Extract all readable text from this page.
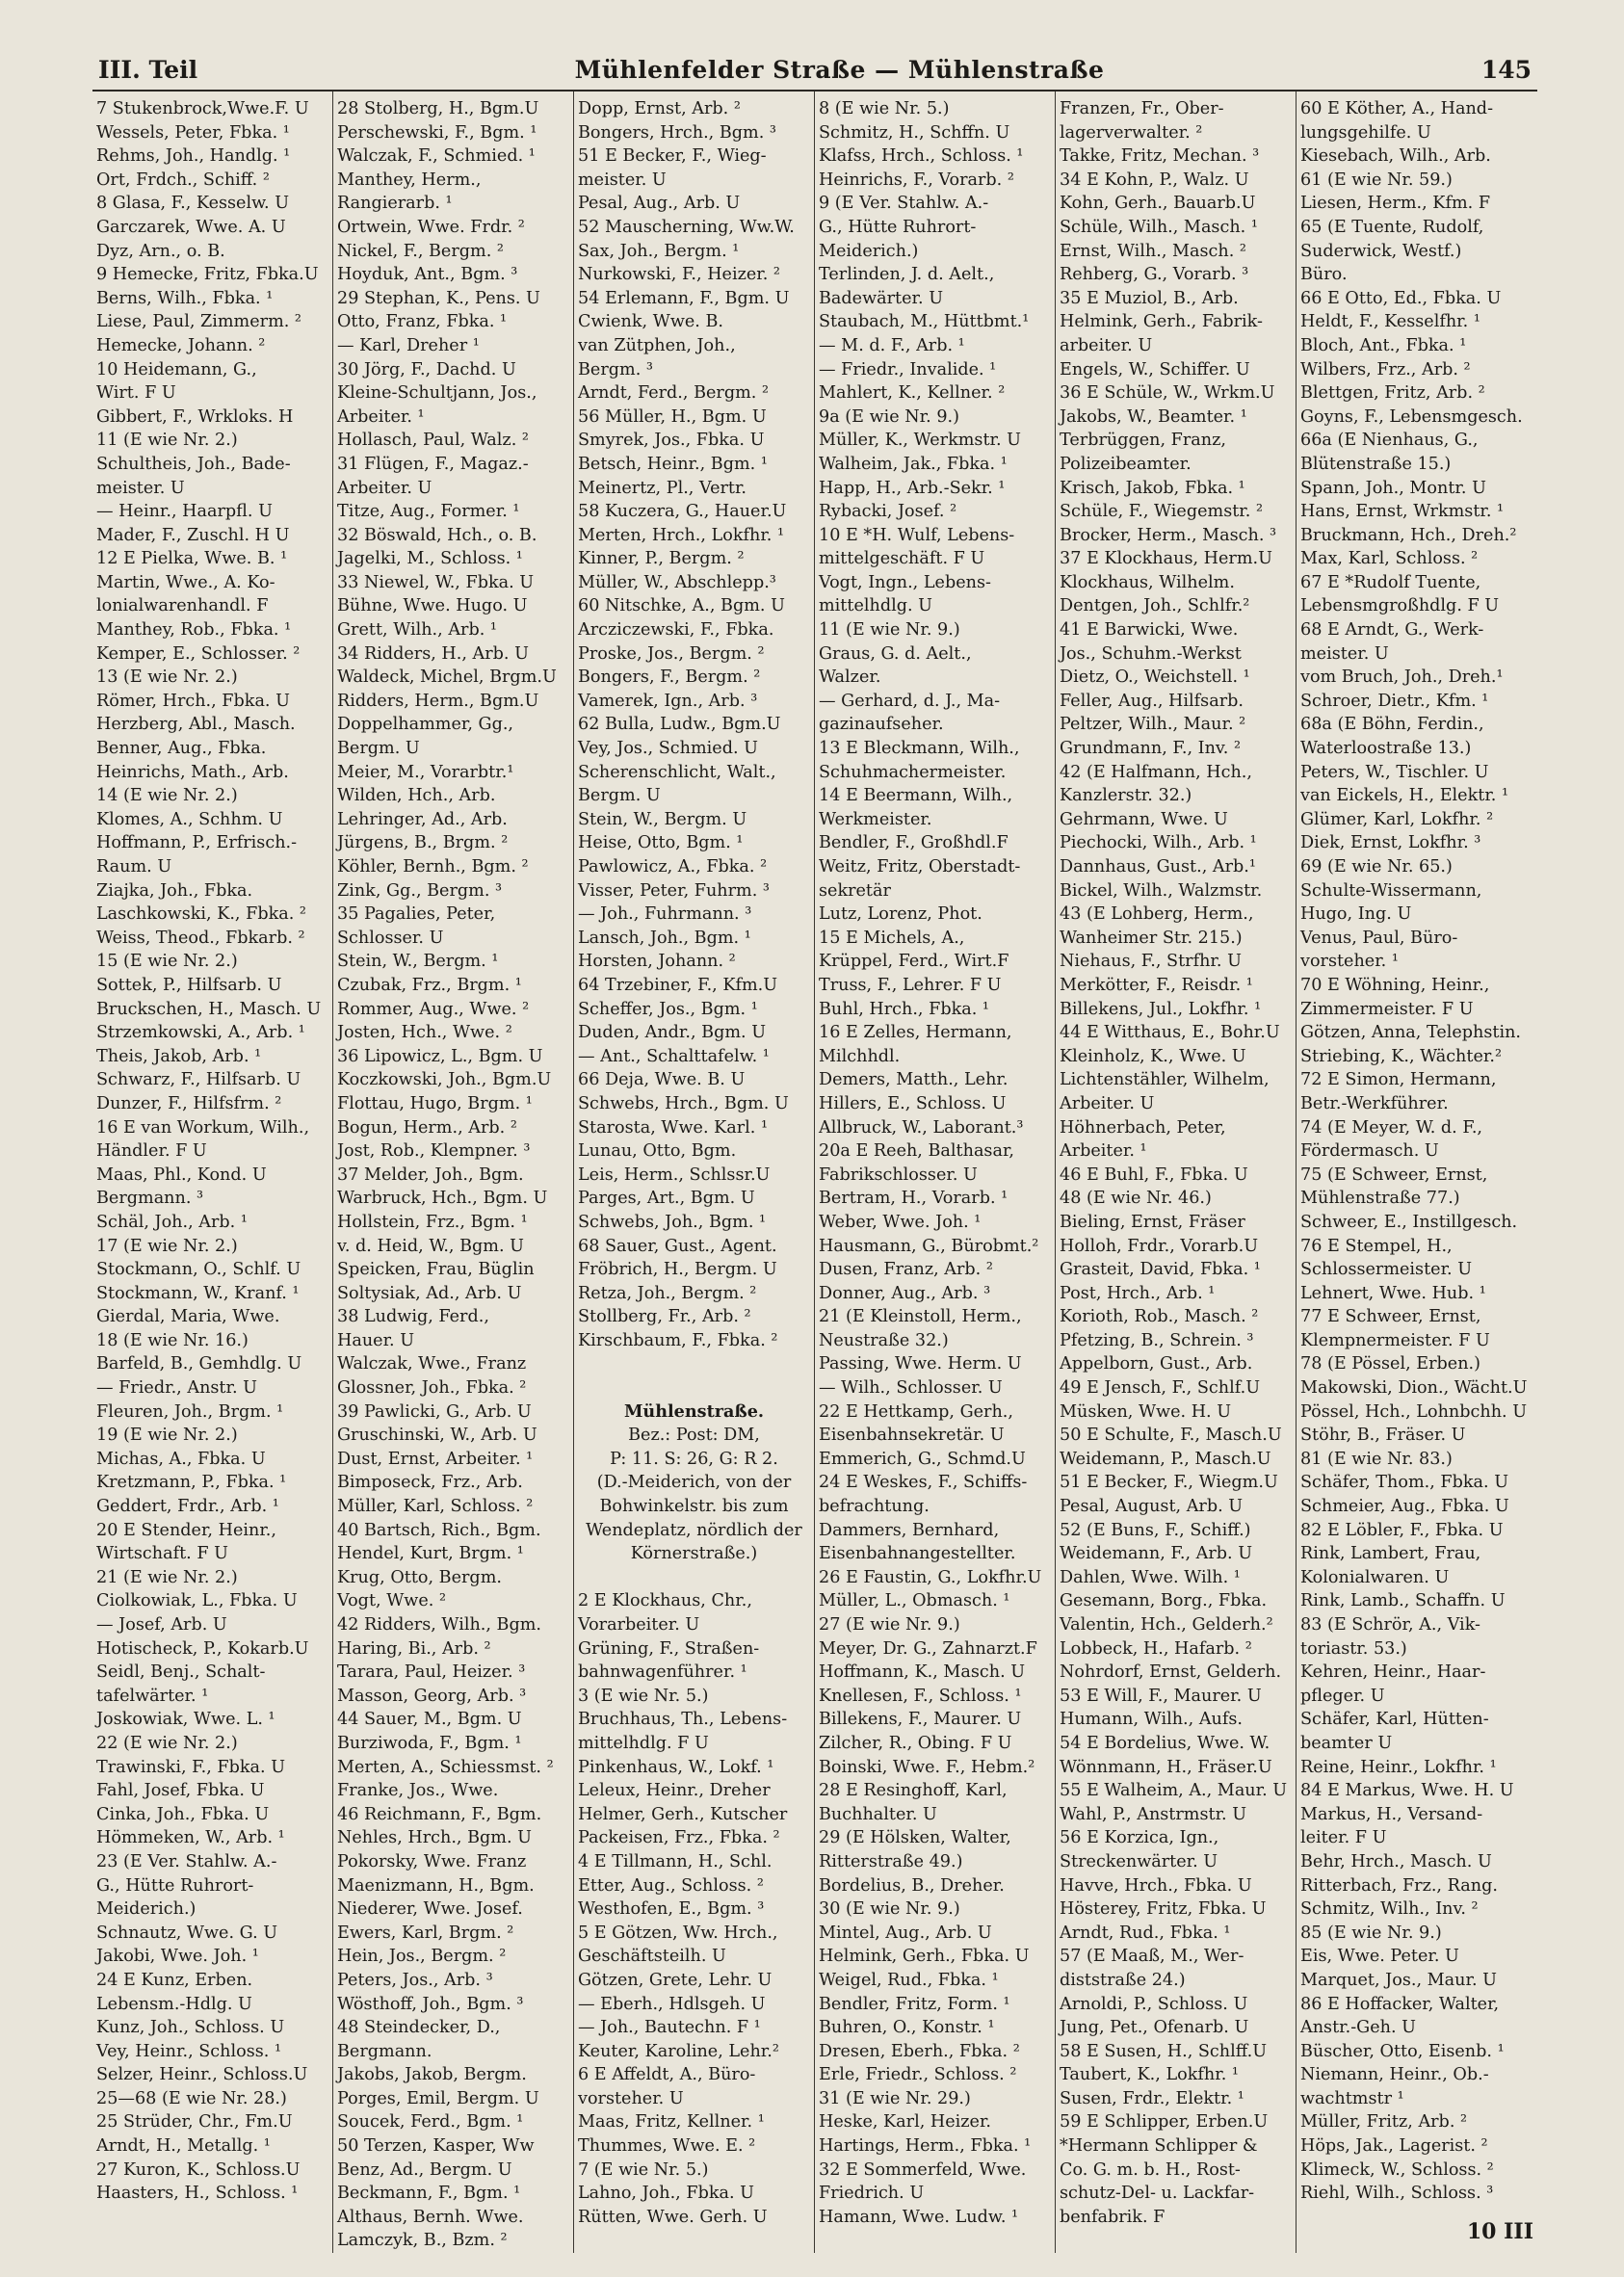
III. Teil	Mühlenfelder Straße — Mühlenstraße	145
7 Stukenbrock,Wwe.F. U
Wessels, Peter, Fbka. ¹
Rehms, Joh., Handlg. ¹
Ort, Frdch., Schiff. ²
8 Glasa, F., Kesselw. U
Garczarek, Wwe. A. U
Dyz, Arn., o. B.
9 Hemecke, Fritz, Fbka.U
Berns, Wilh., Fbka. ¹
Liese, Paul, Zimmerm. ²
Hemecke, Johann. ²
10 Heidemann, G.,
Wirt. F U
Gibbert, F., Wrkloks. H
11 (E wie Nr. 2.)
Schultheis, Joh., Bade-
meister. U
— Heinr., Haarpfl. U
Mader, F., Zuschl. H U
12 E Pielka, Wwe. B. ¹
Martin, Wwe., A. Ko-
lonialwarenhandl. F
Manthey, Rob., Fbka. ¹
Kemper, E., Schlosser. ²
13 (E wie Nr. 2.)
Römer, Hrch., Fbka. U
Herzberg, Abl., Masch.
Benner, Aug., Fbka.
Heinrichs, Math., Arb.
14 (E wie Nr. 2.)
Klomes, A., Schhm. U
Hoffmann, P., Erfrisch.-
Raum. U
Ziajka, Joh., Fbka.
Laschkowski, K., Fbka. ²
Weiss, Theod., Fbkarb. ²
15 (E wie Nr. 2.)
Sottek, P., Hilfsarb. U
Bruckschen, H., Masch. U
Strzemkowski, A., Arb. ¹
Theis, Jakob, Arb. ¹
Schwarz, F., Hilfsarb. U
Dunzer, F., Hilfsfrm. ²
16 E van Workum, Wilh.,
Händler. F U
Maas, Phl., Kond. U
Bergmann. ³
Schäl, Joh., Arb. ¹
17 (E wie Nr. 2.)
Stockmann, O., Schlf. U
Stockmann, W., Kranf. ¹
Gierdal, Maria, Wwe.
18 (E wie Nr. 16.)
Barfeld, B., Gemhdlg. U
— Friedr., Anstr. U
Fleuren, Joh., Brgm. ¹
19 (E wie Nr. 2.)
Michas, A., Fbka. U
Kretzmann, P., Fbka. ¹
Geddert, Frdr., Arb. ¹
20 E Stender, Heinr.,
Wirtschaft. F U
21 (E wie Nr. 2.)
Ciolkowiak, L., Fbka. U
— Josef, Arb. U
Hotischeck, P., Kokarb.U
Seidl, Benj., Schalt-
tafelwärter. ¹
Joskowiak, Wwe. L. ¹
22 (E wie Nr. 2.)
Trawinski, F., Fbka. U
Fahl, Josef, Fbka. U
Cinka, Joh., Fbka. U
Hömmeken, W., Arb. ¹
23 (E Ver. Stahlw. A.-
G., Hütte Ruhrort-
Meiderich.)
Schnautz, Wwe. G. U
Jakobi, Wwe. Joh. ¹
24 E Kunz, Erben.
Lebensm.-Hdlg. U
Kunz, Joh., Schloss. U
Vey, Heinr., Schloss. ¹
Selzer, Heinr., Schloss.U
25—68 (E wie Nr. 28.)
25 Strüder, Chr., Fm.U
Arndt, H., Metallg. ¹
27 Kuron, K., Schloss.U
Haasters, H., Schloss. ¹
28 Stolberg, H., Bgm.U
Perschewski, F., Bgm. ¹
Walczak, F., Schmied. ¹
Manthey, Herm.,
Rangierarb. ¹
Ortwein, Wwe. Frdr. ²
Nickel, F., Bergm. ²
Hoyduk, Ant., Bgm. ³
29 Stephan, K., Pens. U
Otto, Franz, Fbka. ¹
— Karl, Dreher ¹
30 Jörg, F., Dachd. U
Kleine-Schultjann, Jos.,
Arbeiter. ¹
Hollasch, Paul, Walz. ²
31 Flügen, F., Magaz.-
Arbeiter. U
Titze, Aug., Former. ¹
32 Böswald, Hch., o. B.
Jagelki, M., Schloss. ¹
33 Niewel, W., Fbka. U
Bühne, Wwe. Hugo. U
Grett, Wilh., Arb. ¹
34 Ridders, H., Arb. U
Waldeck, Michel, Brgm.U
Ridders, Herm., Bgm.U
Doppelhammer, Gg.,
Bergm. U
Meier, M., Vorarbtr.¹
Wilden, Hch., Arb.
Lehringer, Ad., Arb.
Jürgens, B., Brgm. ²
Köhler, Bernh., Bgm. ²
Zink, Gg., Bergm. ³
35 Pagalies, Peter,
Schlosser. U
Stein, W., Bergm. ¹
Czubak, Frz., Brgm. ¹
Rommer, Aug., Wwe. ²
Josten, Hch., Wwe. ²
36 Lipowicz, L., Bgm. U
Koczkowski, Joh., Bgm.U
Flottau, Hugo, Brgm. ¹
Bogun, Herm., Arb. ²
Jost, Rob., Klempner. ³
37 Melder, Joh., Bgm.
Warbruck, Hch., Bgm. U
Hollstein, Frz., Bgm. ¹
v. d. Heid, W., Bgm. U
Speicken, Frau, Büglin
Soltysiak, Ad., Arb. U
38 Ludwig, Ferd.,
Hauer. U
Walczak, Wwe., Franz
Glossner, Joh., Fbka. ²
39 Pawlicki, G., Arb. U
Gruschinski, W., Arb. U
Dust, Ernst, Arbeiter. ¹
Bimposeck, Frz., Arb.
Müller, Karl, Schloss. ²
40 Bartsch, Rich., Bgm.
Hendel, Kurt, Brgm. ¹
Krug, Otto, Bergm.
Vogt, Wwe. ²
42 Ridders, Wilh., Bgm.
Haring, Bi., Arb. ²
Tarara, Paul, Heizer. ³
Masson, Georg, Arb. ³
44 Sauer, M., Bgm. U
Burziwoda, F., Bgm. ¹
Merten, A., Schiessmst. ²
Franke, Jos., Wwe.
46 Reichmann, F., Bgm.
Nehles, Hrch., Bgm. U
Pokorsky, Wwe. Franz
Maenizmann, H., Bgm.
Niederer, Wwe. Josef.
Ewers, Karl, Brgm. ²
Hein, Jos., Bergm. ²
Peters, Jos., Arb. ³
Wösthoff, Joh., Bgm. ³
48 Steindecker, D.,
Bergmann.
Jakobs, Jakob, Bergm.
Porges, Emil, Bergm. U
Soucek, Ferd., Bgm. ¹
50 Terzen, Kasper, Ww
Benz, Ad., Bergm. U
Beckmann, F., Bgm. ¹
Althaus, Bernh. Wwe.
Lamczyk, B., Bzm. ²
Dopp, Ernst, Arb. ²
Bongers, Hrch., Bgm. ³
51 E Becker, F., Wieg-
meister. U
Pesal, Aug., Arb. U
52 Mauscherning, Ww.W.
Sax, Joh., Bergm. ¹
Nurkowski, F., Heizer. ²
54 Erlemann, F., Bgm. U
Cwienk, Wwe. B.
van Zütphen, Joh.,
Bergm. ³
Arndt, Ferd., Bergm. ²
56 Müller, H., Bgm. U
Smyrek, Jos., Fbka. U
Betsch, Heinr., Bgm. ¹
Meinertz, Pl., Vertr.
58 Kuczera, G., Hauer.U
Merten, Hrch., Lokfhr. ¹
Kinner, P., Bergm. ²
Müller, W., Abschlepp.³
60 Nitschke, A., Bgm. U
Arcziczewski, F., Fbka.
Proske, Jos., Bergm. ²
Bongers, F., Bergm. ²
Vamerek, Ign., Arb. ³
62 Bulla, Ludw., Bgm.U
Vey, Jos., Schmied. U
Scherenschlicht, Walt.,
Bergm. U
Stein, W., Bergm. U
Heise, Otto, Bgm. ¹
Pawlowicz, A., Fbka. ²
Visser, Peter, Fuhrm. ³
— Joh., Fuhrmann. ³
Lansch, Joh., Bgm. ¹
Horsten, Johann. ²
64 Trzebiner, F., Kfm.U
Scheffer, Jos., Bgm. ¹
Duden, Andr., Bgm. U
— Ant., Schalttafelw. ¹
66 Deja, Wwe. B. U
Schwebs, Hrch., Bgm. U
Starosta, Wwe. Karl. ¹
Lunau, Otto, Bgm.
Leis, Herm., Schlssr.U
Parges, Art., Bgm. U
Schwebs, Joh., Bgm. ¹
68 Sauer, Gust., Agent.
Fröbrich, H., Bergm. U
Retza, Joh., Bergm. ²
Stollberg, Fr., Arb. ²
Kirschbaum, F., Fbka. ²

Mühlenstraße.
Bez.: Post: DM,
P: 11. S: 26, G: R 2.
(D.-Meiderich, von der
Bohwinkelstr. bis zum
Wendeplatz, nördlich der
Körnerstraße.)

2 E Klockhaus, Chr.,
Vorarbeiter. U
Grüning, F., Straßen-
bahnwagenführer. ¹
3 (E wie Nr. 5.)
Bruchhaus, Th., Lebens-
mittelhdlg. F U
Pinkenhaus, W., Lokf. ¹
Leleux, Heinr., Dreher
Helmer, Gerh., Kutscher
Packeisen, Frz., Fbka. ²
4 E Tillmann, H., Schl.
Etter, Aug., Schloss. ²
Westhofen, E., Bgm. ³
5 E Götzen, Ww. Hrch.,
Geschäftsteilh. U
Götzen, Grete, Lehr. U
— Eberh., Hdlsgeh. U
— Joh., Bautechn. F ¹
Keuter, Karoline, Lehr.²
6 E Affeldt, A., Büro-
vorsteher. U
Maas, Fritz, Kellner. ¹
Thummes, Wwe. E. ²
7 (E wie Nr. 5.)
Lahno, Joh., Fbka. U
Rütten, Wwe. Gerh. U
8 (E wie Nr. 5.)
Schmitz, H., Schffn. U
Klafss, Hrch., Schloss. ¹
Heinrichs, F., Vorarb. ²
9 (E Ver. Stahlw. A.-
G., Hütte Ruhrort-
Meiderich.)
Terlinden, J. d. Aelt.,
Badewärter. U
Staubach, M., Hüttbmt.¹
— M. d. F., Arb. ¹
— Friedr., Invalide. ¹
Mahlert, K., Kellner. ²
9a (E wie Nr. 9.)
Müller, K., Werkmstr. U
Walheim, Jak., Fbka. ¹
Happ, H., Arb.-Sekr. ¹
Rybacki, Josef. ²
10 E *H. Wulf, Lebens-
mittelgeschäft. F U
Vogt, Ingn., Lebens-
mittelhdlg. U
11 (E wie Nr. 9.)
Graus, G. d. Aelt.,
Walzer.
— Gerhard, d. J., Ma-
gazinaufseher.
13 E Bleckmann, Wilh.,
Schuhmachermeister.
14 E Beermann, Wilh.,
Werkmeister.
Bendler, F., Großhdl.F
Weitz, Fritz, Oberstadt-
sekretär
Lutz, Lorenz, Phot.
15 E Michels, A.,
Krüppel, Ferd., Wirt.F
Truss, F., Lehrer. F U
Buhl, Hrch., Fbka. ¹
16 E Zelles, Hermann,
Milchhdl.
Demers, Matth., Lehr.
Hillers, E., Schloss. U
Allbruck, W., Laborant.³
20a E Reeh, Balthasar,
Fabrikschlosser. U
Bertram, H., Vorarb. ¹
Weber, Wwe. Joh. ¹
Hausmann, G., Bürobmt.²
Dusen, Franz, Arb. ²
Donner, Aug., Arb. ³
21 (E Kleinstoll, Herm.,
Neustraße 32.)
Passing, Wwe. Herm. U
— Wilh., Schlosser. U
22 E Hettkamp, Gerh.,
Eisenbahnsekretär. U
Emmerich, G., Schmd.U
24 E Weskes, F., Schiffs-
befrachtung.
Dammers, Bernhard,
Eisenbahnangestellter.
26 E Faustin, G., Lokfhr.U
Müller, L., Obmasch. ¹
27 (E wie Nr. 9.)
Meyer, Dr. G., Zahnarzt.F
Hoffmann, K., Masch. U
Knellesen, F., Schloss. ¹
Billekens, F., Maurer. U
Zilcher, R., Obing. F U
Boinski, Wwe. F., Hebm.²
28 E Resinghoff, Karl,
Buchhalter. U
29 (E Hölsken, Walter,
Ritterstraße 49.)
Bordelius, B., Dreher.
30 (E wie Nr. 9.)
Mintel, Aug., Arb. U
Helmink, Gerh., Fbka. U
Weigel, Rud., Fbka. ¹
Bendler, Fritz, Form. ¹
Buhren, O., Konstr. ¹
Dresen, Eberh., Fbka. ²
Erle, Friedr., Schloss. ²
31 (E wie Nr. 29.)
Heske, Karl, Heizer.
Hartings, Herm., Fbka. ¹
32 E Sommerfeld, Wwe.
Friedrich. U
Hamann, Wwe. Ludw. ¹
Franzen, Fr., Ober-
lagerverwalter. ²
Takke, Fritz, Mechan. ³
34 E Kohn, P., Walz. U
Kohn, Gerh., Bauarb.U
Schüle, Wilh., Masch. ¹
Ernst, Wilh., Masch. ²
Rehberg, G., Vorarb. ³
35 E Muziol, B., Arb.
Helmink, Gerh., Fabrik-
arbeiter. U
Engels, W., Schiffer. U
36 E Schüle, W., Wrkm.U
Jakobs, W., Beamter. ¹
Terbrüggen, Franz,
Polizeibeamter.
Krisch, Jakob, Fbka. ¹
Schüle, F., Wiegemstr. ²
Brocker, Herm., Masch. ³
37 E Klockhaus, Herm.U
Klockhaus, Wilhelm.
Dentgen, Joh., Schlfr.²
41 E Barwicki, Wwe.
Jos., Schuhm.-Werkst
Dietz, O., Weichstell. ¹
Feller, Aug., Hilfsarb.
Peltzer, Wilh., Maur. ²
Grundmann, F., Inv. ²
42 (E Halfmann, Hch.,
Kanzlerstr. 32.)
Gehrmann, Wwe. U
Piechocki, Wilh., Arb. ¹
Dannhaus, Gust., Arb.¹
Bickel, Wilh., Walzmstr.
43 (E Lohberg, Herm.,
Wanheimer Str. 215.)
Niehaus, F., Strfhr. U
Merkötter, F., Reisdr. ¹
Billekens, Jul., Lokfhr. ¹
44 E Witthaus, E., Bohr.U
Kleinholz, K., Wwe. U
Lichtenstähler, Wilhelm,
Arbeiter. U
Höhnerbach, Peter,
Arbeiter. ¹
46 E Buhl, F., Fbka. U
48 (E wie Nr. 46.)
Bieling, Ernst, Fräser
Holloh, Frdr., Vorarb.U
Grasteit, David, Fbka. ¹
Post, Hrch., Arb. ¹
Korioth, Rob., Masch. ²
Pfetzing, B., Schrein. ³
Appelborn, Gust., Arb.
49 E Jensch, F., Schlf.U
Müsken, Wwe. H. U
50 E Schulte, F., Masch.U
Weidemann, P., Masch.U
51 E Becker, F., Wiegm.U
Pesal, August, Arb. U
52 (E Buns, F., Schiff.)
Weidemann, F., Arb. U
Dahlen, Wwe. Wilh. ¹
Gesemann, Borg., Fbka.
Valentin, Hch., Gelderh.²
Lobbeck, H., Hafarb. ²
Nohrdorf, Ernst, Gelderh.
53 E Will, F., Maurer. U
Humann, Wilh., Aufs.
54 E Bordelius, Wwe. W.
Wönnmann, H., Fräser.U
55 E Walheim, A., Maur. U
Wahl, P., Anstrmstr. U
56 E Korzica, Ign.,
Streckenwärter. U
Havve, Hrch., Fbka. U
Hösterey, Fritz, Fbka. U
Arndt, Rud., Fbka. ¹
57 (E Maaß, M., Wer-
diststraße 24.)
Arnoldi, P., Schloss. U
Jung, Pet., Ofenarb. U
58 E Susen, H., Schlff.U
Taubert, K., Lokfhr. ¹
Susen, Frdr., Elektr. ¹
59 E Schlipper, Erben.U
*Hermann Schlipper &
Co. G. m. b. H., Rost-
schutz-Del- u. Lackfar-
benfabrik. F
60 E Köther, A., Hand-
lungsgehilfe. U
Kiesebach, Wilh., Arb.
61 (E wie Nr. 59.)
Liesen, Herm., Kfm. F
65 (E Tuente, Rudolf,
Suderwick, Westf.)
Büro.
66 E Otto, Ed., Fbka. U
Heldt, F., Kesselfhr. ¹
Bloch, Ant., Fbka. ¹
Wilbers, Frz., Arb. ²
Blettgen, Fritz, Arb. ²
Goyns, F., Lebensmgesch.
66a (E Nienhaus, G.,
Blütenstraße 15.)
Spann, Joh., Montr. U
Hans, Ernst, Wrkmstr. ¹
Bruckmann, Hch., Dreh.²
Max, Karl, Schloss. ²
67 E *Rudolf Tuente,
Lebensmgroßhdlg. F U
68 E Arndt, G., Werk-
meister. U
vom Bruch, Joh., Dreh.¹
Schroer, Dietr., Kfm. ¹
68a (E Böhn, Ferdin.,
Waterloostraße 13.)
Peters, W., Tischler. U
van Eickels, H., Elektr. ¹
Glümer, Karl, Lokfhr. ²
Diek, Ernst, Lokfhr. ³
69 (E wie Nr. 65.)
Schulte-Wissermann,
Hugo, Ing. U
Venus, Paul, Büro-
vorsteher. ¹
70 E Wöhning, Heinr.,
Zimmermeister. F U
Götzen, Anna, Telephstin.
Striebing, K., Wächter.²
72 E Simon, Hermann,
Betr.-Werkführer.
74 (E Meyer, W. d. F.,
Fördermasch. U
75 (E Schweer, Ernst,
Mühlenstraße 77.)
Schweer, E., Instillgesch.
76 E Stempel, H.,
Schlossermeister. U
Lehnert, Wwe. Hub. ¹
77 E Schweer, Ernst,
Klempnermeister. F U
78 (E Pössel, Erben.)
Makowski, Dion., Wächt.U
Pössel, Hch., Lohnbchh. U
Stöhr, B., Fräser. U
81 (E wie Nr. 83.)
Schäfer, Thom., Fbka. U
Schmeier, Aug., Fbka. U
82 E Löbler, F., Fbka. U
Rink, Lambert, Frau,
Kolonialwaren. U
Rink, Lamb., Schaffn. U
83 (E Schrör, A., Vik-
toriastr. 53.)
Kehren, Heinr., Haar-
pfleger. U
Schäfer, Karl, Hütten-
beamter U
Reine, Heinr., Lokfhr. ¹
84 E Markus, Wwe. H. U
Markus, H., Versand-
leiter. F U
Behr, Hrch., Masch. U
Ritterbach, Frz., Rang.
Schmitz, Wilh., Inv. ²
85 (E wie Nr. 9.)
Eis, Wwe. Peter. U
Marquet, Jos., Maur. U
86 E Hoffacker, Walter,
Anstr.-Geh. U
Büscher, Otto, Eisenb. ¹
Niemann, Heinr., Ob.-
wachtmstr ¹
Müller, Fritz, Arb. ²
Höps, Jak., Lagerist. ²
Klimeck, W., Schloss. ²
Riehl, Wilh., Schloss. ³
10 III
